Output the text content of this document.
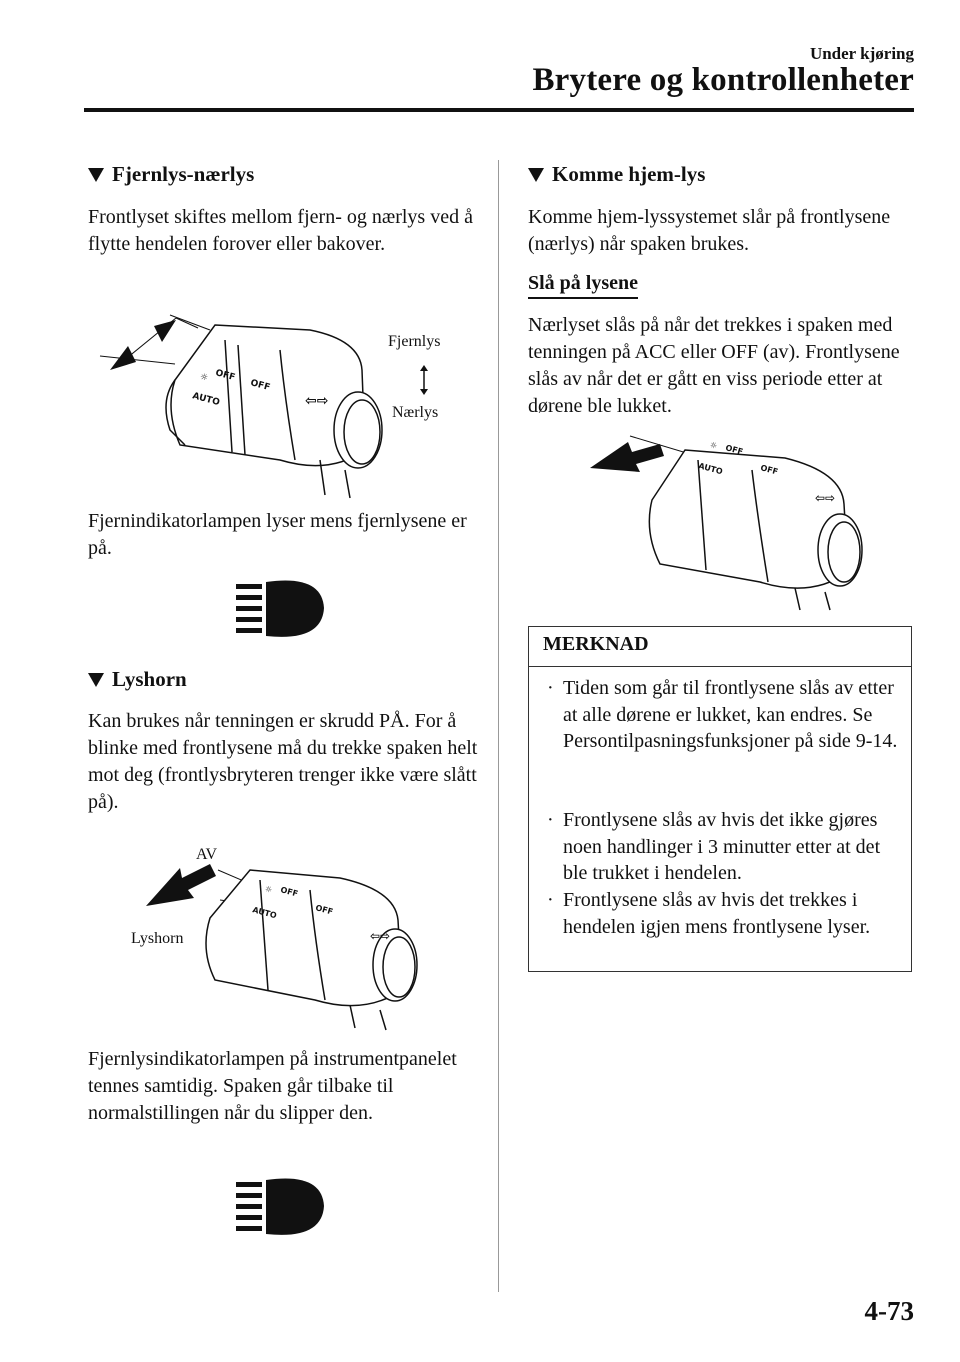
Under kjøring
Brytere og kontrollenheter
Fjernlys-nærlys
Frontlyset skiftes mellom fjern- og nærlys ved å flytte hendelen forover eller bakover.
☼ OFF
AUTO
OFF
⇦⇨
Fjernlys
Nærlys
Fjernindikatorlampen lyser mens fjernlysene er på.
Lyshorn
Kan brukes når tenningen er skrudd PÅ. For å blinke med frontlysene må du trekke spaken helt mot deg (frontlysbryteren trenger ikke være slått på).
☼ OFF
AUTO	OFF
⇦⇨
AV
Lyshorn
Fjernlysindikatorlampen på instrumentpanelet tennes samtidig. Spaken går tilbake til normalstillingen når du slipper den.
Komme hjem-lys
Komme hjem-lyssystemet slår på frontlysene (nærlys) når spaken brukes.
Slå på lysene
Nærlyset slås på når det trekkes i spaken med tenningen på ACC eller OFF (av). Frontlysene slås av når det er gått en viss periode etter at dørene ble lukket.
☼ OFF
AUTO	OFF
⇦⇨
MERKNAD
· Tiden som går til frontlysene slås av etter at alle dørene er lukket, kan endres. Se Persontilpasningsfunksjoner på side 9-14.
· Frontlysene slås av hvis det ikke gjøres noen handlinger i 3 minutter etter at det ble trukket i hendelen.
· Frontlysene slås av hvis det trekkes i hendelen igjen mens frontlysene lyser.
4-73
